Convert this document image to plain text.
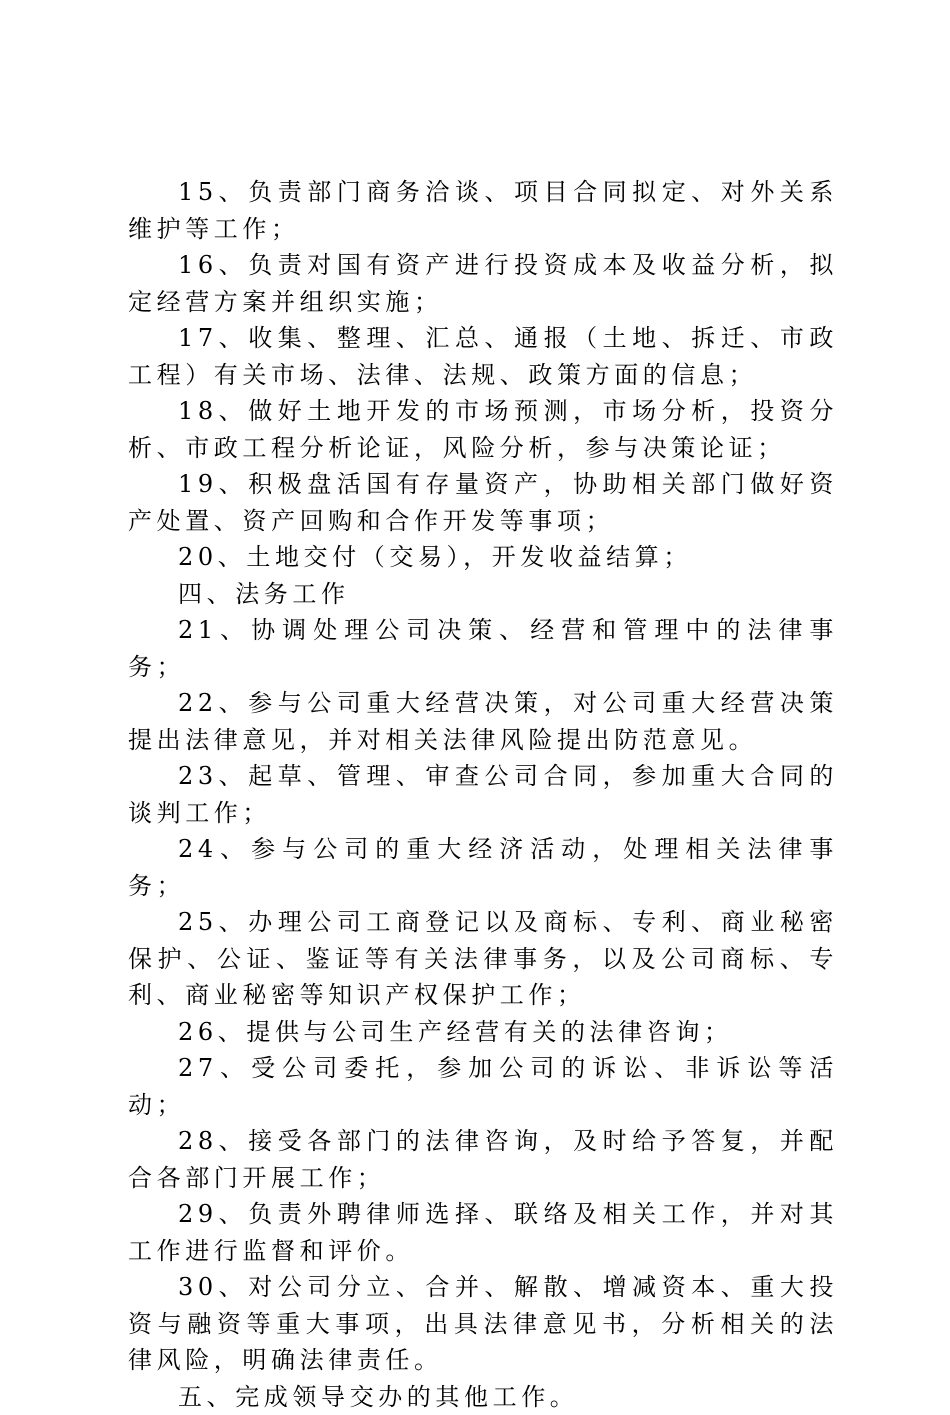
15、负责部门商务洽谈、项目合同拟定、对外关系维护等工作；

16、负责对国有资产进行投资成本及收益分析，拟定经营方案并组织实施；

17、收集、整理、汇总、通报（土地、拆迁、市政工程）有关市场、法律、法规、政策方面的信息；

18、做好土地开发的市场预测，市场分析，投资分析、市政工程分析论证，风险分析，参与决策论证；

19、积极盘活国有存量资产，协助相关部门做好资产处置、资产回购和合作开发等事项；

20、土地交付（交易），开发收益结算；

四、法务工作

21、协调处理公司决策、经营和管理中的法律事务；

22、参与公司重大经营决策，对公司重大经营决策提出法律意见，并对相关法律风险提出防范意见。

23、起草、管理、审查公司合同，参加重大合同的谈判工作；

24、参与公司的重大经济活动，处理相关法律事务；

25、办理公司工商登记以及商标、专利、商业秘密保护、公证、鉴证等有关法律事务，以及公司商标、专利、商业秘密等知识产权保护工作；

26、提供与公司生产经营有关的法律咨询；

27、受公司委托，参加公司的诉讼、非诉讼等活动；

28、接受各部门的法律咨询，及时给予答复，并配合各部门开展工作；

29、负责外聘律师选择、联络及相关工作，并对其工作进行监督和评价。

30、对公司分立、合并、解散、增减资本、重大投资与融资等重大事项，出具法律意见书，分析相关的法律风险，明确法律责任。

五、完成领导交办的其他工作。
